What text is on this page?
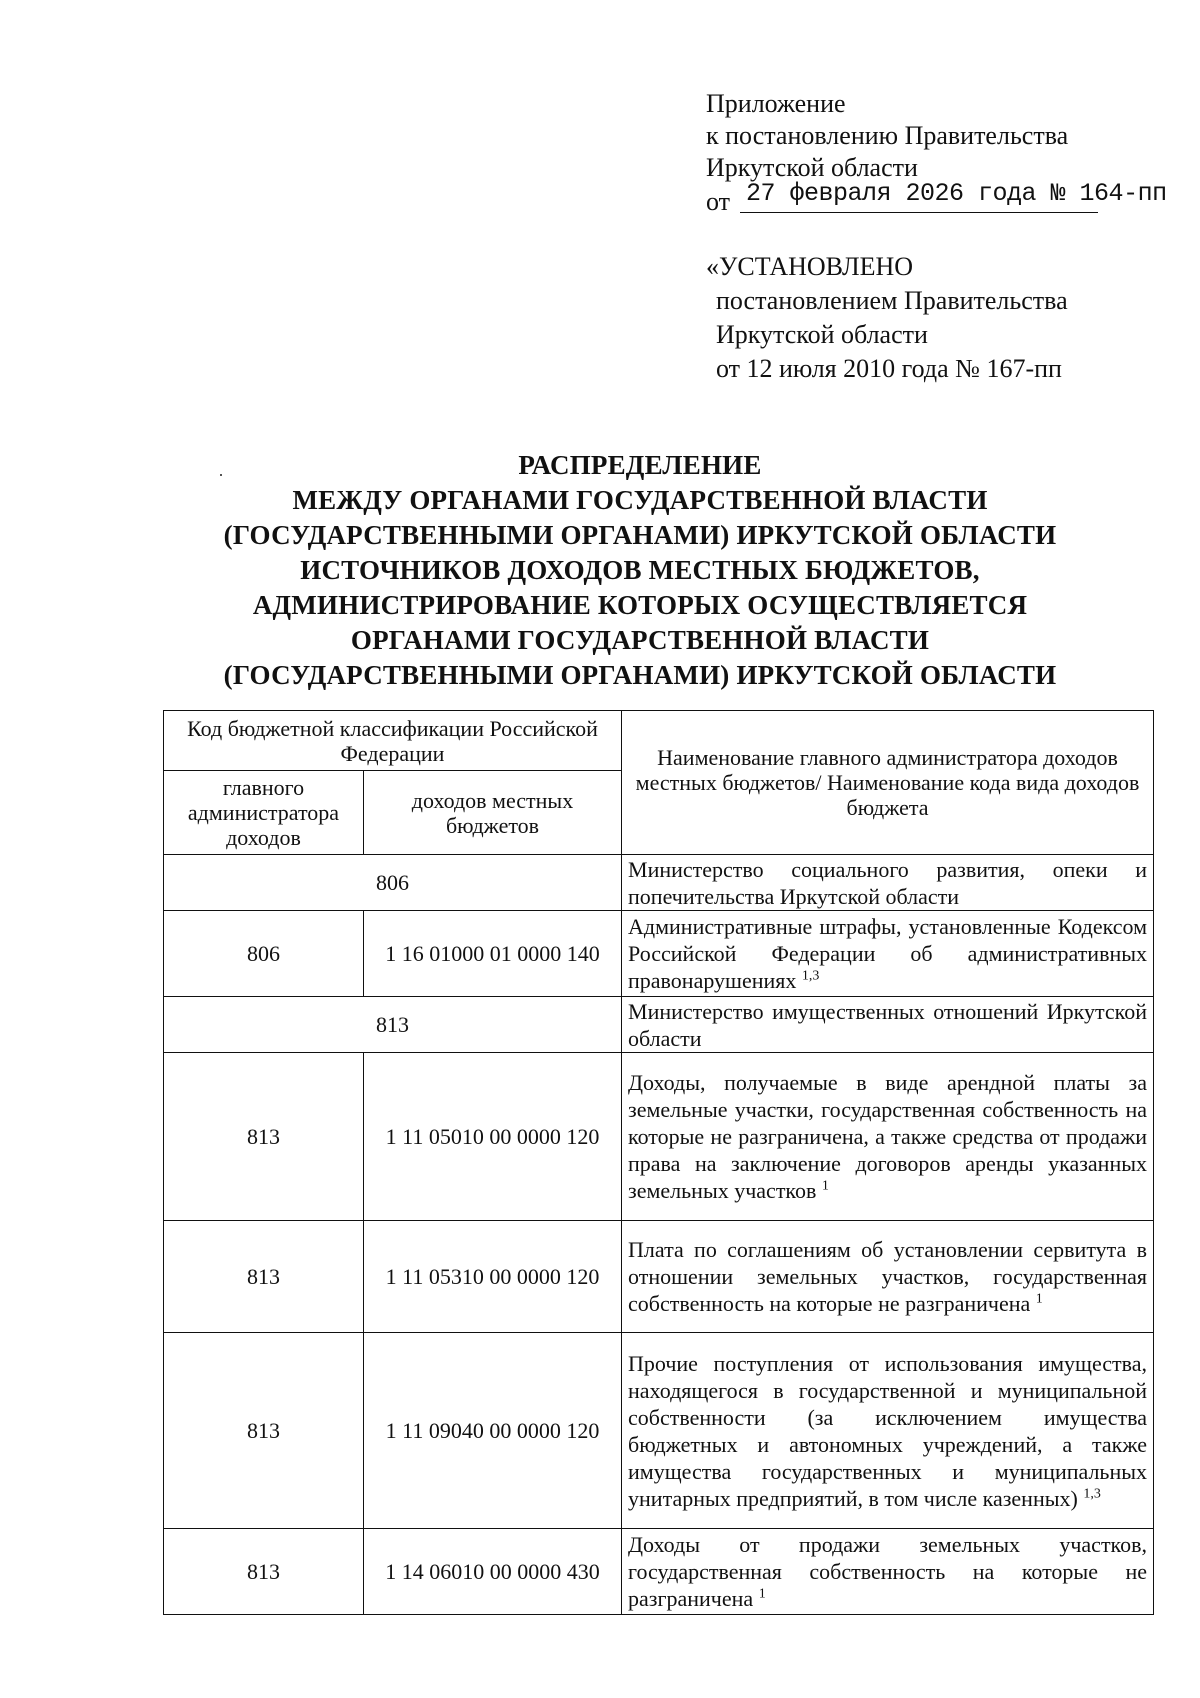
Приложение
к постановлению Правительства
Иркутской области
от 27 февраля 2026 года № 164-пп
«УСТАНОВЛЕНО
постановлением Правительства
Иркутской области
от 12 июля 2010 года № 167-пп
РАСПРЕДЕЛЕНИЕ
МЕЖДУ ОРГАНАМИ ГОСУДАРСТВЕННОЙ ВЛАСТИ
(ГОСУДАРСТВЕННЫМИ ОРГАНАМИ) ИРКУТСКОЙ ОБЛАСТИ
ИСТОЧНИКОВ ДОХОДОВ МЕСТНЫХ БЮДЖЕТОВ,
АДМИНИСТРИРОВАНИЕ КОТОРЫХ ОСУЩЕСТВЛЯЕТСЯ
ОРГАНАМИ ГОСУДАРСТВЕННОЙ ВЛАСТИ
(ГОСУДАРСТВЕННЫМИ ОРГАНАМИ) ИРКУТСКОЙ ОБЛАСТИ
Код бюджетной классификации Российской Федерации		Наименование главного администратора доходов местных бюджетов/ Наименование кода вида доходов бюджета
главного администратора доходов	доходов местных бюджетов	
806		Министерство социального развития, опеки и попечительства Иркутской области
806	1 16 01000 01 0000 140	Административные штрафы, установленные Кодексом Российской Федерации об административных правонарушениях $^{1,3}$
813		Министерство имущественных отношений Иркутской области
813	1 11 05010 00 0000 120	Доходы, получаемые в виде арендной платы за земельные участки, государственная собственность на которые не разграничена, а также средства от продажи права на заключение договоров аренды указанных земельных участков $^1$
813	1 11 05310 00 0000 120	Плата по соглашениям об установлении сервитута в отношении земельных участков, государственная собственность на которые не разграничена $^1$
813	1 11 09040 00 0000 120	Прочие поступления от использования имущества, находящегося в государственной и муниципальной собственности (за исключением имущества бюджетных и автономных учреждений, а также имущества государственных и муниципальных унитарных предприятий, в том числе казенных) $^{1,3}$
813	1 14 06010 00 0000 430	Доходы от продажи земельных участков, государственная собственность на которые не разграничена $^1$
